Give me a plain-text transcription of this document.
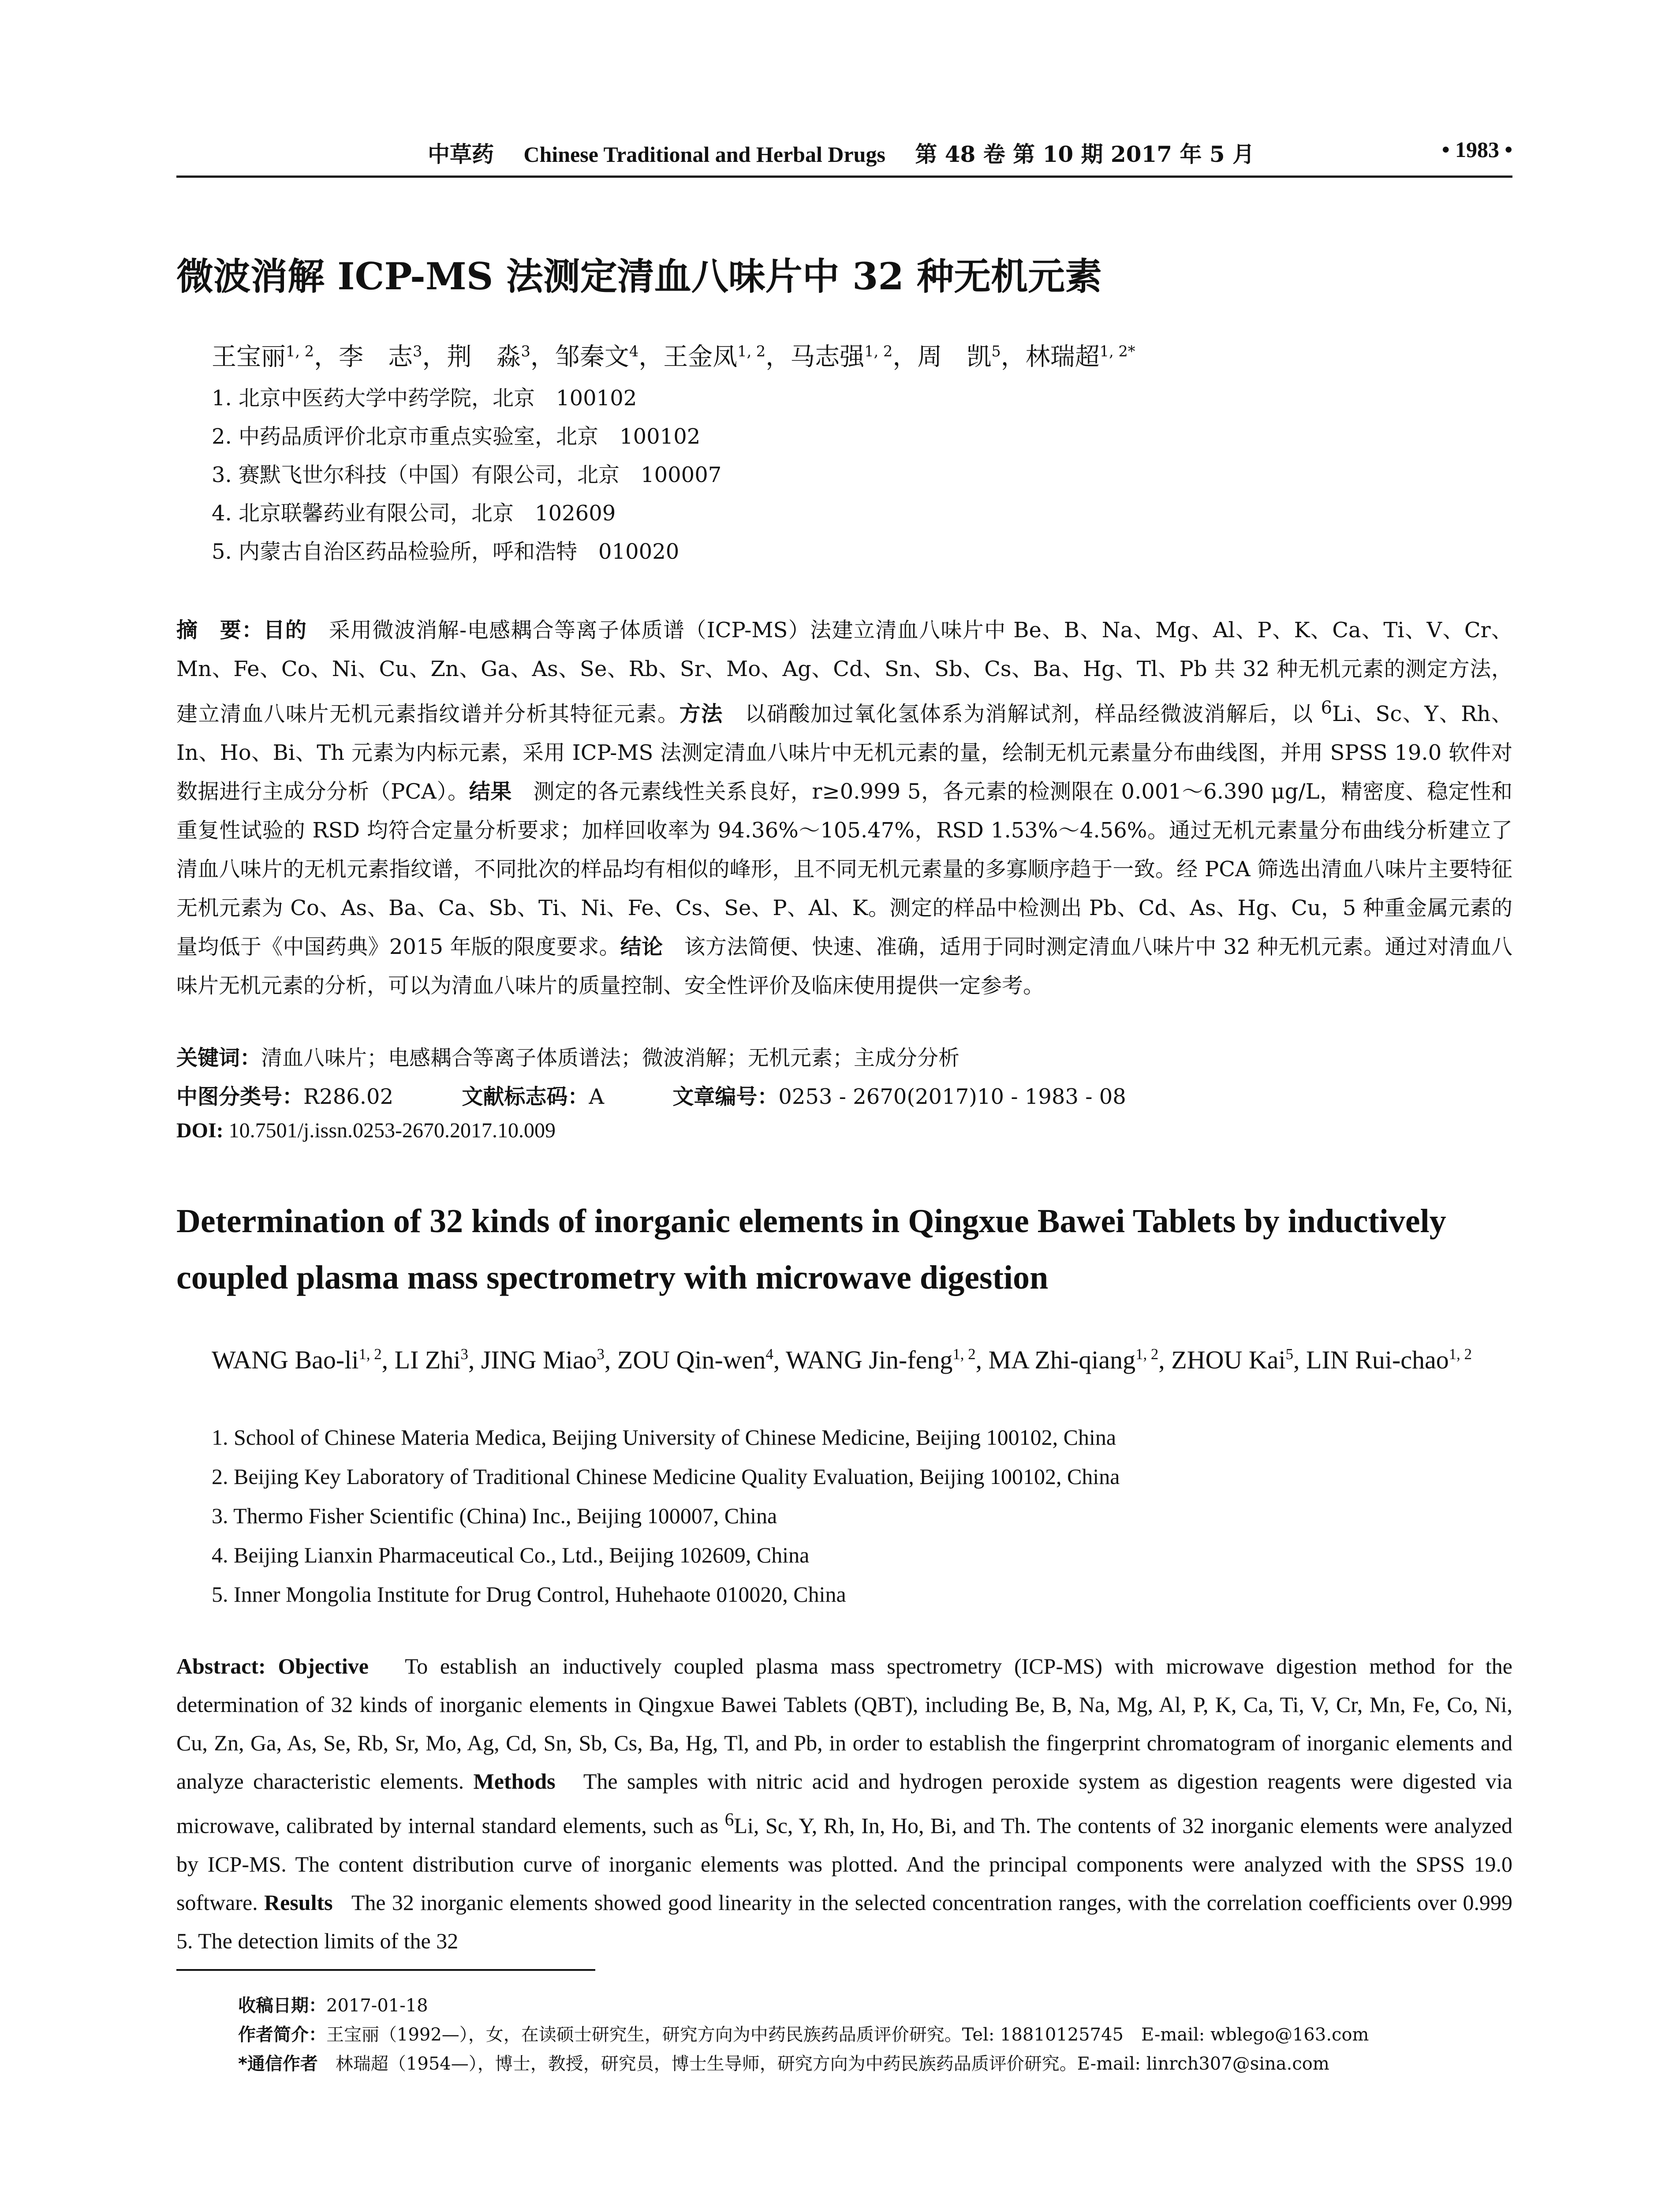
中草药 Chinese Traditional and Herbal Drugs 第 48 卷 第 10 期 2017 年 5 月	• 1983 •
微波消解 ICP-MS 法测定清血八味片中 32 种无机元素
王宝丽$^{1, 2}$，李　志$^3$，荆　淼$^3$，邹秦文$^4$，王金凤$^{1, 2}$，马志强$^{1, 2}$，周　凯$^5$，林瑞超$^{1, 2*}$
1. 北京中医药大学中药学院，北京　100102
2. 中药品质评价北京市重点实验室，北京　100102
3. 赛默飞世尔科技（中国）有限公司，北京　100007
4. 北京联馨药业有限公司，北京　102609
5. 内蒙古自治区药品检验所，呼和浩特　010020
摘　要：目的　 采用微波消解-电感耦合等离子体质谱（ICP-MS）法建立清血八味片中 Be、B、Na、Mg、Al、P、K、Ca、Ti、V、Cr、Mn、Fe、Co、Ni、Cu、Zn、Ga、As、Se、Rb、Sr、Mo、Ag、Cd、Sn、Sb、Cs、Ba、Hg、Tl、Pb 共 32 种无机元素的测定方法，建立清血八味片无机元素指纹谱并分析其特征元素。方法　 以硝酸加过氧化氢体系为消解试剂，样品经微波消解后，以 $^6$Li、Sc、Y、Rh、In、Ho、Bi、Th 元素为内标元素，采用 ICP-MS 法测定清血八味片中无机元素的量，绘制无机元素量分布曲线图，并用 SPSS 19.0 软件对数据进行主成分分析（PCA）。结果　 测定的各元素线性关系良好，r≥0.999 5，各元素的检测限在 0.001～6.390 μg/L，精密度、稳定性和重复性试验的 RSD 均符合定量分析要求；加样回收率为 94.36%～105.47%，RSD 1.53%～4.56%。通过无机元素量分布曲线分析建立了清血八味片的无机元素指纹谱，不同批次的样品均有相似的峰形，且不同无机元素量的多寡顺序趋于一致。经 PCA 筛选出清血八味片主要特征无机元素为 Co、As、Ba、Ca、Sb、Ti、Ni、Fe、Cs、Se、P、Al、K。测定的样品中检测出 Pb、Cd、As、Hg、Cu，5 种重金属元素的量均低于《中国药典》2015 年版的限度要求。结论　 该方法简便、快速、准确，适用于同时测定清血八味片中 32 种无机元素。通过对清血八味片无机元素的分析，可以为清血八味片的质量控制、安全性评价及临床使用提供一定参考。
关键词：清血八味片；电感耦合等离子体质谱法；微波消解；无机元素；主成分分析
中图分类号：R286.02	文献标志码：A	文章编号：0253 - 2670(2017)10 - 1983 - 08
DOI: 10.7501/j.issn.0253-2670.2017.10.009
Determination of 32 kinds of inorganic elements in Qingxue Bawei Tablets by inductively coupled plasma mass spectrometry with microwave digestion
WANG Bao-li$^{1, 2}$, LI Zhi$^3$, JING Miao$^3$, ZOU Qin-wen$^4$, WANG Jin-feng$^{1, 2}$, MA Zhi-qiang$^{1, 2}$, ZHOU Kai$^5$, LIN Rui-chao$^{1, 2}$
1. School of Chinese Materia Medica, Beijing University of Chinese Medicine, Beijing 100102, China
2. Beijing Key Laboratory of Traditional Chinese Medicine Quality Evaluation, Beijing 100102, China
3. Thermo Fisher Scientific (China) Inc., Beijing 100007, China
4. Beijing Lianxin Pharmaceutical Co., Ltd., Beijing 102609, China
5. Inner Mongolia Institute for Drug Control, Huhehaote 010020, China
Abstract: Objective To establish an inductively coupled plasma mass spectrometry (ICP-MS) with microwave digestion method for the determination of 32 kinds of inorganic elements in Qingxue Bawei Tablets (QBT), including Be, B, Na, Mg, Al, P, K, Ca, Ti, V, Cr, Mn, Fe, Co, Ni, Cu, Zn, Ga, As, Se, Rb, Sr, Mo, Ag, Cd, Sn, Sb, Cs, Ba, Hg, Tl, and Pb, in order to establish the fingerprint chromatogram of inorganic elements and analyze characteristic elements. Methods The samples with nitric acid and hydrogen peroxide system as digestion reagents were digested via microwave, calibrated by internal standard elements, such as $^6$Li, Sc, Y, Rh, In, Ho, Bi, and Th. The contents of 32 inorganic elements were analyzed by ICP-MS. The content distribution curve of inorganic elements was plotted. And the principal components were analyzed with the SPSS 19.0 software. Results The 32 inorganic elements showed good linearity in the selected concentration ranges, with the correlation coefficients over 0.999 5. The detection limits of the 32
收稿日期：2017-01-18
作者简介：王宝丽（1992—），女，在读硕士研究生，研究方向为中药民族药品质评价研究。Tel: 18810125745　E-mail: wblego@163.com
*通信作者　 林瑞超（1954—），博士，教授，研究员，博士生导师，研究方向为中药民族药品质评价研究。E-mail: linrch307@sina.com
